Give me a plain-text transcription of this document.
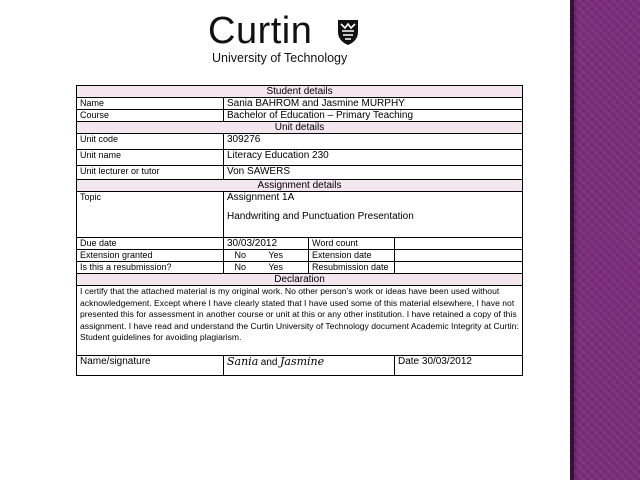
Curtin
University of Technology
Student details			
Name	Sania BAHROM and Jasmine MURPHY		
Course	Bachelor of Education – Primary Teaching		
Unit details			
Unit code	309276		
Unit name	Literacy Education 230		
Unit lecturer or tutor	Von SAWERS		
Assignment details			
Topic	Assignment 1A
Handwriting and Punctuation Presentation		
Due date	30/03/2012	Word count	
Extension granted	No Yes	Extension date	
Is this a resubmission?	No Yes	Resubmission date	
Declaration			
I certify that the attached material is my original work. No other person’s work or ideas have been used without acknowledgement. Except where I have clearly stated that I have used some of this material elsewhere, I have not presented this for assessment in another course or unit at this or any other institution. I have retained a copy of this assignment. I have read and understand the Curtin University of Technology document Academic Integrity at Curtin: Student guidelines for avoiding plagiarism.			
Name/signature	Sania and Jasmine		Date 30/03/2012
